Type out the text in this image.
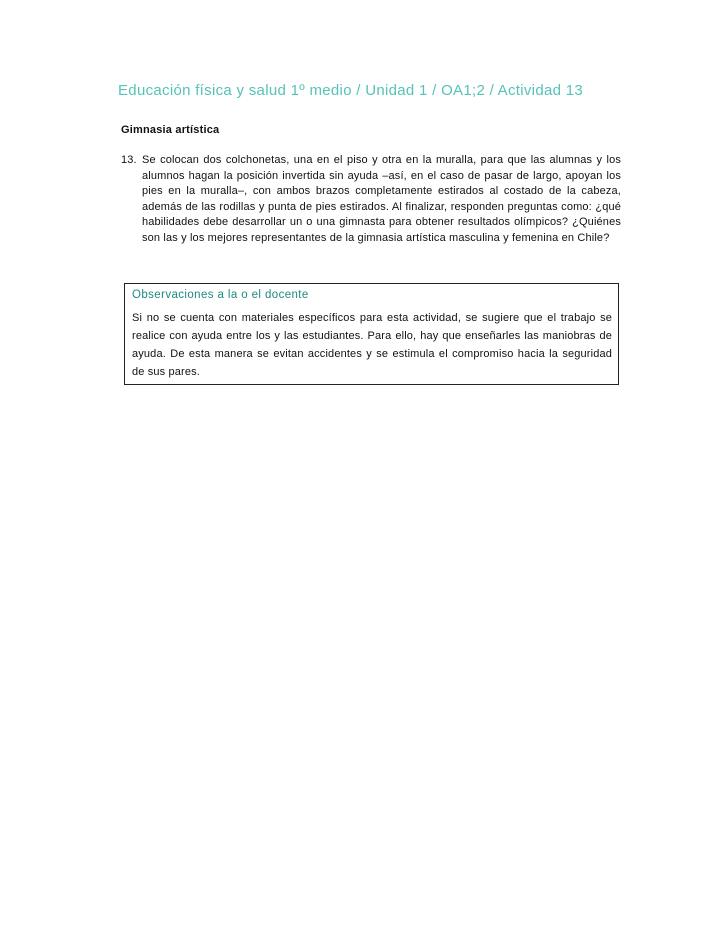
Educación física y salud 1º medio / Unidad 1 / OA1;2 / Actividad 13
Gimnasia artística
13. Se colocan dos colchonetas, una en el piso y otra en la muralla, para que las alumnas y los alumnos hagan la posición invertida sin ayuda –así, en el caso de pasar de largo, apoyan los pies en la muralla–, con ambos brazos completamente estirados al costado de la cabeza, además de las rodillas y punta de pies estirados. Al finalizar, responden preguntas como: ¿qué habilidades debe desarrollar un o una gimnasta para obtener resultados olímpicos? ¿Quiénes son las y los mejores representantes de la gimnasia artística masculina y femenina en Chile?
Observaciones a la o el docente
Si no se cuenta con materiales específicos para esta actividad, se sugiere que el trabajo se realice con ayuda entre los y las estudiantes. Para ello, hay que enseñarles las maniobras de ayuda. De esta manera se evitan accidentes y se estimula el compromiso hacia la seguridad de sus pares.
